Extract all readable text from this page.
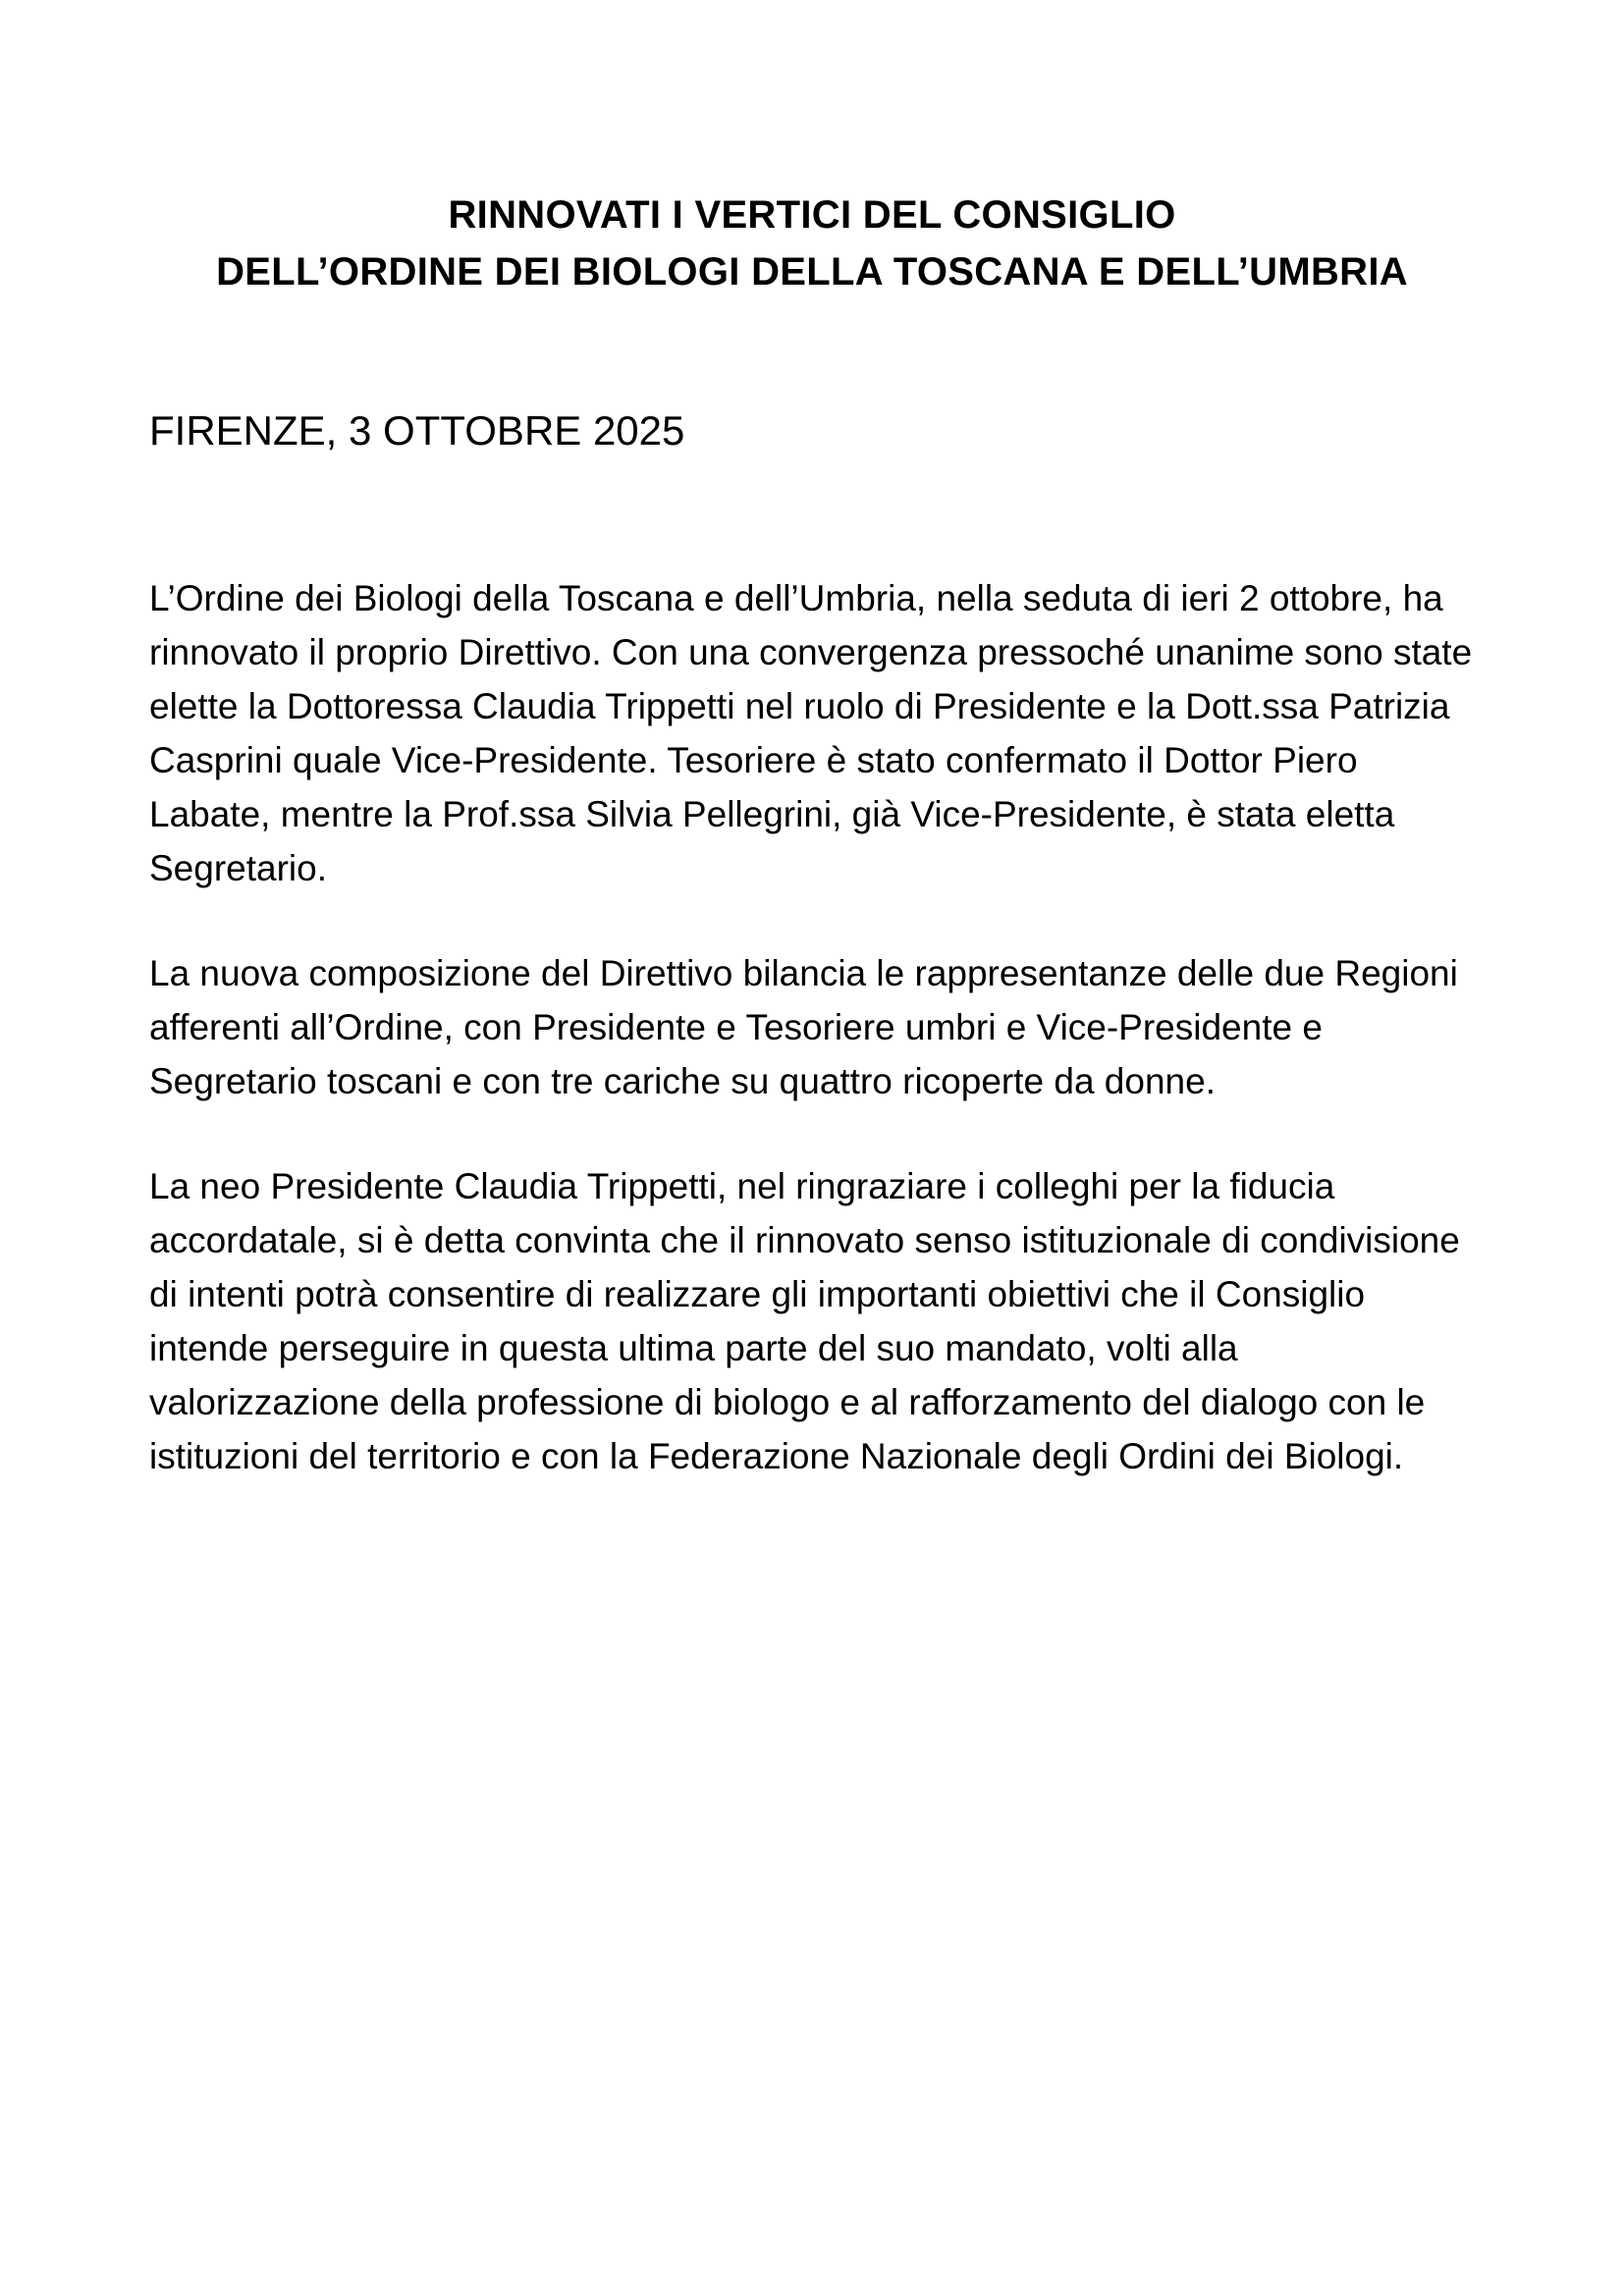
RINNOVATI I VERTICI DEL CONSIGLIO
DELL’ORDINE DEI BIOLOGI DELLA TOSCANA E DELL’UMBRIA

FIRENZE, 3 OTTOBRE 2025

L’Ordine dei Biologi della Toscana e dell’Umbria, nella seduta di ieri 2 ottobre, ha rinnovato il proprio Direttivo. Con una convergenza pressoché unanime sono state elette la Dottoressa Claudia Trippetti nel ruolo di Presidente e la Dott.ssa Patrizia Casprini quale Vice-Presidente. Tesoriere è stato confermato il Dottor Piero Labate, mentre la Prof.ssa Silvia Pellegrini, già Vice-Presidente, è stata eletta Segretario.

La nuova composizione del Direttivo bilancia le rappresentanze delle due Regioni afferenti all’Ordine, con Presidente e Tesoriere umbri e Vice-Presidente e Segretario toscani e con tre cariche su quattro ricoperte da donne.

La neo Presidente Claudia Trippetti, nel ringraziare i colleghi per la fiducia accordatale, si è detta convinta che il rinnovato senso istituzionale di condivisione di intenti potrà consentire di realizzare gli importanti obiettivi che il Consiglio intende perseguire in questa ultima parte del suo mandato, volti alla valorizzazione della professione di biologo e al rafforzamento del dialogo con le istituzioni del territorio e con la Federazione Nazionale degli Ordini dei Biologi.
